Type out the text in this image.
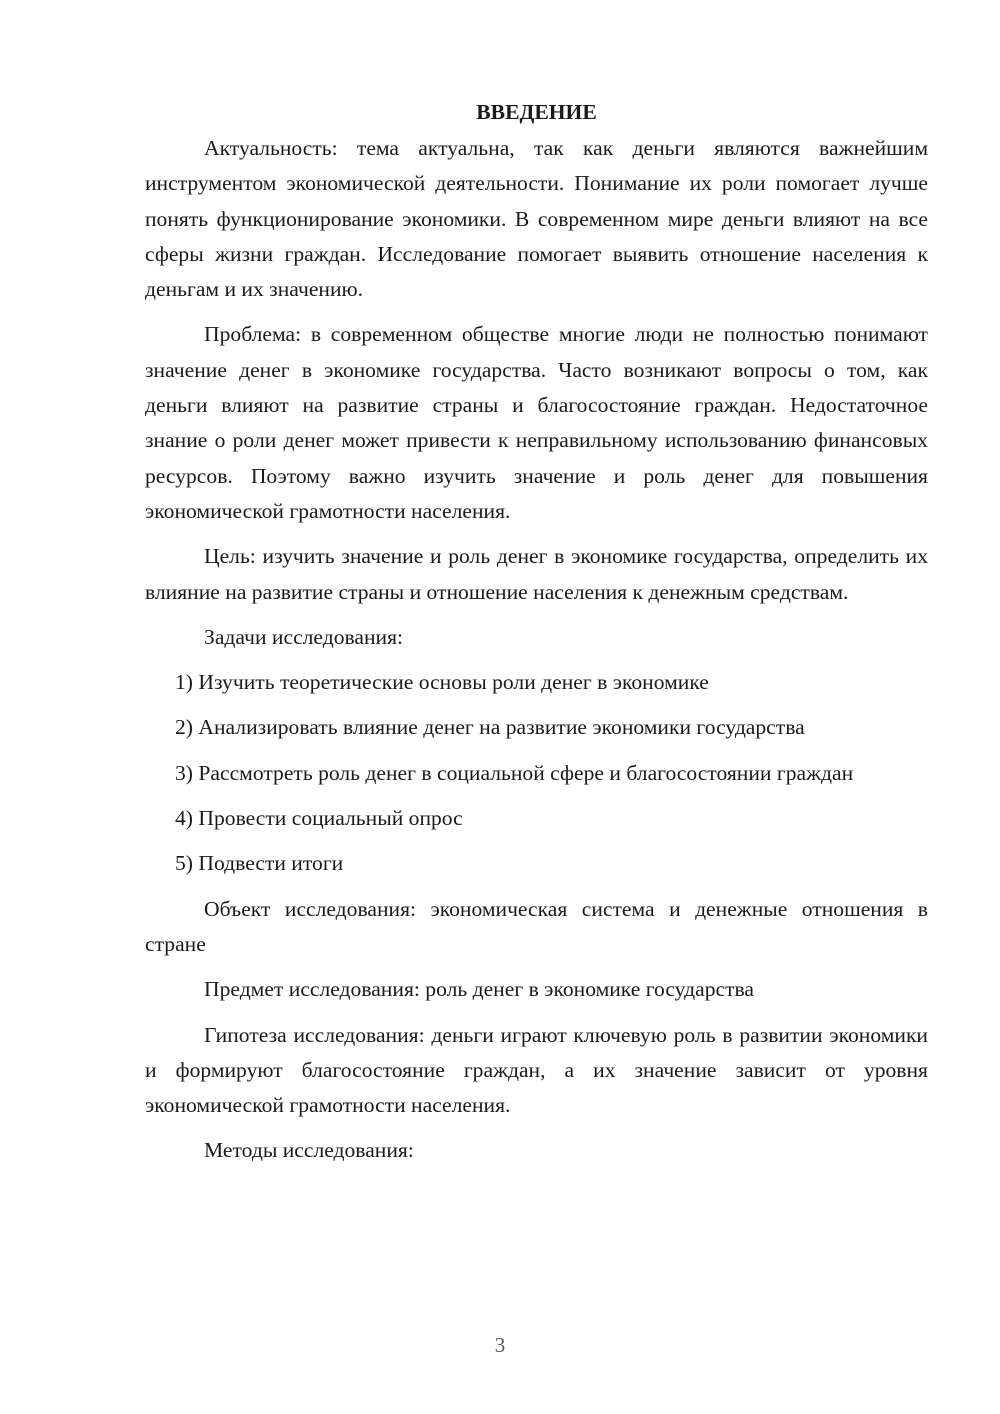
ВВЕДЕНИЕ

Актуальность: тема актуальна, так как деньги являются важнейшим инструментом экономической деятельности. Понимание их роли помогает лучше понять функционирование экономики. В современном мире деньги влияют на все сферы жизни граждан. Исследование помогает выявить отношение населения к деньгам и их значению.

Проблема: в современном обществе многие люди не полностью понимают значение денег в экономике государства. Часто возникают вопросы о том, как деньги влияют на развитие страны и благосостояние граждан. Недостаточное знание о роли денег может привести к неправильному использованию финансовых ресурсов. Поэтому важно изучить значение и роль денег для повышения экономической грамотности населения.

Цель: изучить значение и роль денег в экономике государства, определить их влияние на развитие страны и отношение населения к денежным средствам.

Задачи исследования:

1) Изучить теоретические основы роли денег в экономике

2) Анализировать влияние денег на развитие экономики государства

3) Рассмотреть роль денег в социальной сфере и благосостоянии граждан

4) Провести социальный опрос

5) Подвести итоги

Объект исследования: экономическая система и денежные отношения в стране

Предмет исследования: роль денег в экономике государства

Гипотеза исследования: деньги играют ключевую роль в развитии экономики и формируют благосостояние граждан, а их значение зависит от уровня экономической грамотности населения.

Методы исследования:

3
